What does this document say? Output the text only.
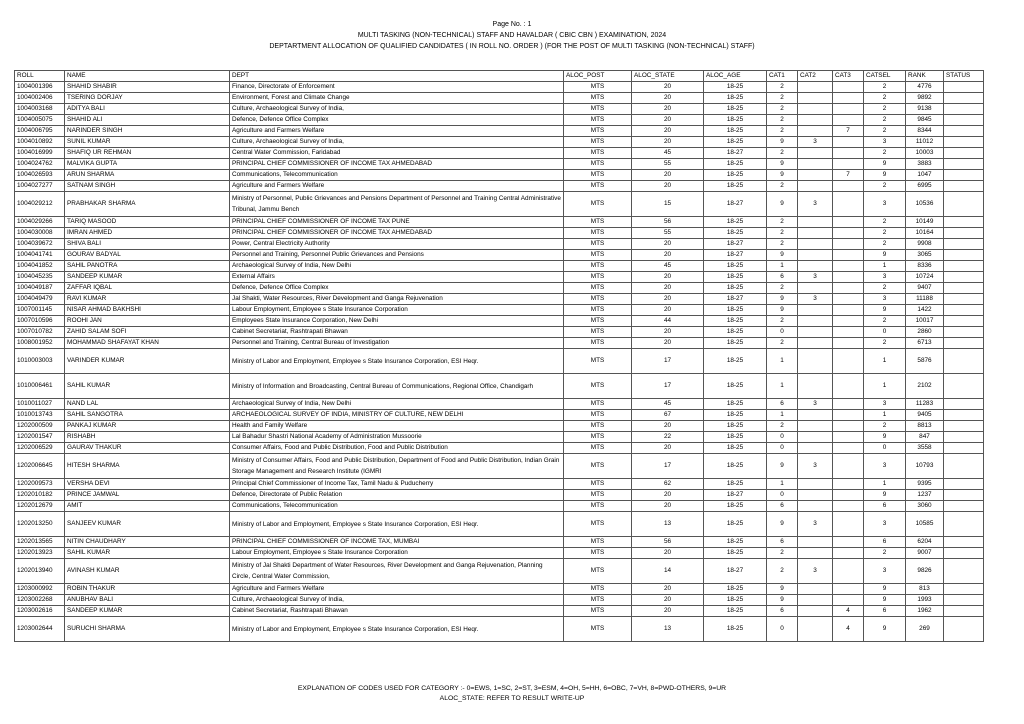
Page No. : 1
MULTI TASKING (NON-TECHNICAL) STAFF AND HAVALDAR ( CBIC CBN ) EXAMINATION, 2024
DEPTARTMENT ALLOCATION OF QUALIFIED CANDIDATES ( IN ROLL NO. ORDER ) (FOR THE POST OF MULTI TASKING (NON-TECHNICAL) STAFF)
ROLL	NAME	DEPT	ALOC_POST	ALOC_STATE	ALOC_AGE	CAT1	CAT2	CAT3	CATSEL	RANK	STATUS
1004001396	SHAHID SHABIR	Finance, Directorate of Enforcement	MTS	20	18-25	2			2	4776	
1004002406	TSERING DORJAY	Environment, Forest and Climate Change	MTS	20	18-25	2			2	9892	
1004003168	ADITYA BALI	Culture, Archaeological Survey of India,	MTS	20	18-25	2			2	9138	
1004005075	SHAHID ALI	Defence, Defence Office Complex	MTS	20	18-25	2			2	9845	
1004006795	NARINDER SINGH	Agriculture and Farmers Welfare	MTS	20	18-25	2		7	2	8344	
1004010892	SUNIL KUMAR	Culture, Archaeological Survey of India,	MTS	20	18-25	9	3		3	11012	
1004016999	SHAFIQ UR REHMAN	Central Water Commission, Faridabad	MTS	45	18-27	2			2	10003	
1004024762	MALVIKA GUPTA	PRINCIPAL CHIEF COMMISSIONER OF INCOME TAX AHMEDABAD	MTS	55	18-25	9			9	3883	
1004026593	ARUN SHARMA	Communications, Telecommunication	MTS	20	18-25	9		7	9	1047	
1004027277	SATNAM SINGH	Agriculture and Farmers Welfare	MTS	20	18-25	2			2	6995	
1004029212	PRABHAKAR SHARMA	Ministry of Personnel, Public Grievances and Pensions Department of Personnel and Training Central Administrative Tribunal, Jammu Bench	MTS	15	18-27	9	3		3	10536	
1004029266	TARIQ MASOOD	PRINCIPAL CHIEF COMMISSIONER OF INCOME TAX PUNE	MTS	56	18-25	2			2	10149	
1004030008	IMRAN AHMED	PRINCIPAL CHIEF COMMISSIONER OF INCOME TAX AHMEDABAD	MTS	55	18-25	2			2	10164	
1004039672	SHIVA BALI	Power, Central Electricity Authority	MTS	20	18-27	2			2	9908	
1004041741	GOURAV BADYAL	Personnel and Training, Personnel Public Grievances and Pensions	MTS	20	18-27	9			9	3065	
1004041852	SAHIL PANOTRA	Archaeological Survey of India, New Delhi	MTS	45	18-25	1			1	8336	
1004045235	SANDEEP KUMAR	External Affairs	MTS	20	18-25	6	3		3	10724	
1004049187	ZAFFAR IQBAL	Defence, Defence Office Complex	MTS	20	18-25	2			2	9407	
1004049479	RAVI KUMAR	Jal Shakti, Water Resources, River Development and Ganga Rejuvenation	MTS	20	18-27	9	3		3	11188	
1007001145	NISAR AHMAD BAKHSHI	Labour Employment, Employee s State Insurance Corporation	MTS	20	18-25	9			9	1422	
1007010596	ROOHI JAN	Employees State Insurance Corporation, New Delhi	MTS	44	18-25	2			2	10017	
1007010782	ZAHID SALAM SOFI	Cabinet Secretariat, Rashtrapati Bhawan	MTS	20	18-25	0			0	2860	
1008001952	MOHAMMAD SHAFAYAT KHAN	Personnel and Training, Central Bureau of Investigation	MTS	20	18-25	2			2	6713	
1010003003	VARINDER KUMAR	Ministry of Labor and Employment, Employee s State Insurance Corporation, ESI Heqr.	MTS	17	18-25	1			1	5876	
1010006461	SAHIL KUMAR	Ministry of Information and Broadcasting, Central Bureau of Communications, Regional Office, Chandigarh	MTS	17	18-25	1			1	2102	
1010011027	NAND LAL	Archaeological Survey of India, New Delhi	MTS	45	18-25	6	3		3	11283	
1010013743	SAHIL SANGOTRA	ARCHAEOLOGICAL SURVEY OF INDIA, MINISTRY OF CULTURE, NEW DELHI	MTS	67	18-25	1			1	9405	
1202000509	PANKAJ KUMAR	Health and Family Welfare	MTS	20	18-25	2			2	8813	
1202001547	RISHABH	Lal Bahadur Shastri National Academy of Administration Mussoorie	MTS	22	18-25	0			9	847	
1202006529	GAURAV THAKUR	Consumer Affairs, Food and Public Distribution, Food and Public Distribution	MTS	20	18-25	0			0	3558	
1202006645	HITESH SHARMA	Ministry of Consumer Affairs, Food and Public Distribution, Department of Food and Public Distribution, Indian Grain Storage Management and Research Institute (IGMRI	MTS	17	18-25	9	3		3	10793	
1202009573	VERSHA DEVI	Principal Chief Commissioner of Income Tax, Tamil Nadu & Puducherry	MTS	62	18-25	1			1	9395	
1202010182	PRINCE JAMWAL	Defence, Directorate of Public Relation	MTS	20	18-27	0			9	1237	
1202012679	AMIT	Communications, Telecommunication	MTS	20	18-25	6			6	3060	
1202013250	SANJEEV KUMAR	Ministry of Labor and Employment, Employee s State Insurance Corporation, ESI Heqr.	MTS	13	18-25	9	3		3	10585	
1202013565	NITIN CHAUDHARY	PRINCIPAL CHIEF COMMISSIONER OF INCOME TAX, MUMBAI	MTS	56	18-25	6			6	6204	
1202013923	SAHIL KUMAR	Labour Employment, Employee s State Insurance Corporation	MTS	20	18-25	2			2	9007	
1202013940	AVINASH KUMAR	Ministry of Jal Shakti Department of Water Resources, River Development and Ganga Rejuvenation, Planning Circle, Central Water Commission,	MTS	14	18-27	2	3		3	9826	
1203000992	ROBIN THAKUR	Agriculture and Farmers Welfare	MTS	20	18-25	9			9	813	
1203002268	ANUBHAV BALI	Culture, Archaeological Survey of India,	MTS	20	18-25	9			9	1993	
1203002616	SANDEEP KUMAR	Cabinet Secretariat, Rashtrapati Bhawan	MTS	20	18-25	6		4	6	1962	
1203002644	SURUCHI SHARMA	Ministry of Labor and Employment, Employee s State Insurance Corporation, ESI Heqr.	MTS	13	18-25	0		4	9	269	
EXPLANATION OF CODES USED FOR CATEGORY :- 0=EWS, 1=SC, 2=ST, 3=ESM, 4=OH, 5=HH, 6=OBC, 7=VH, 8=PWD-OTHERS, 9=UR
ALOC_STATE: REFER TO RESULT WRITE-UP
